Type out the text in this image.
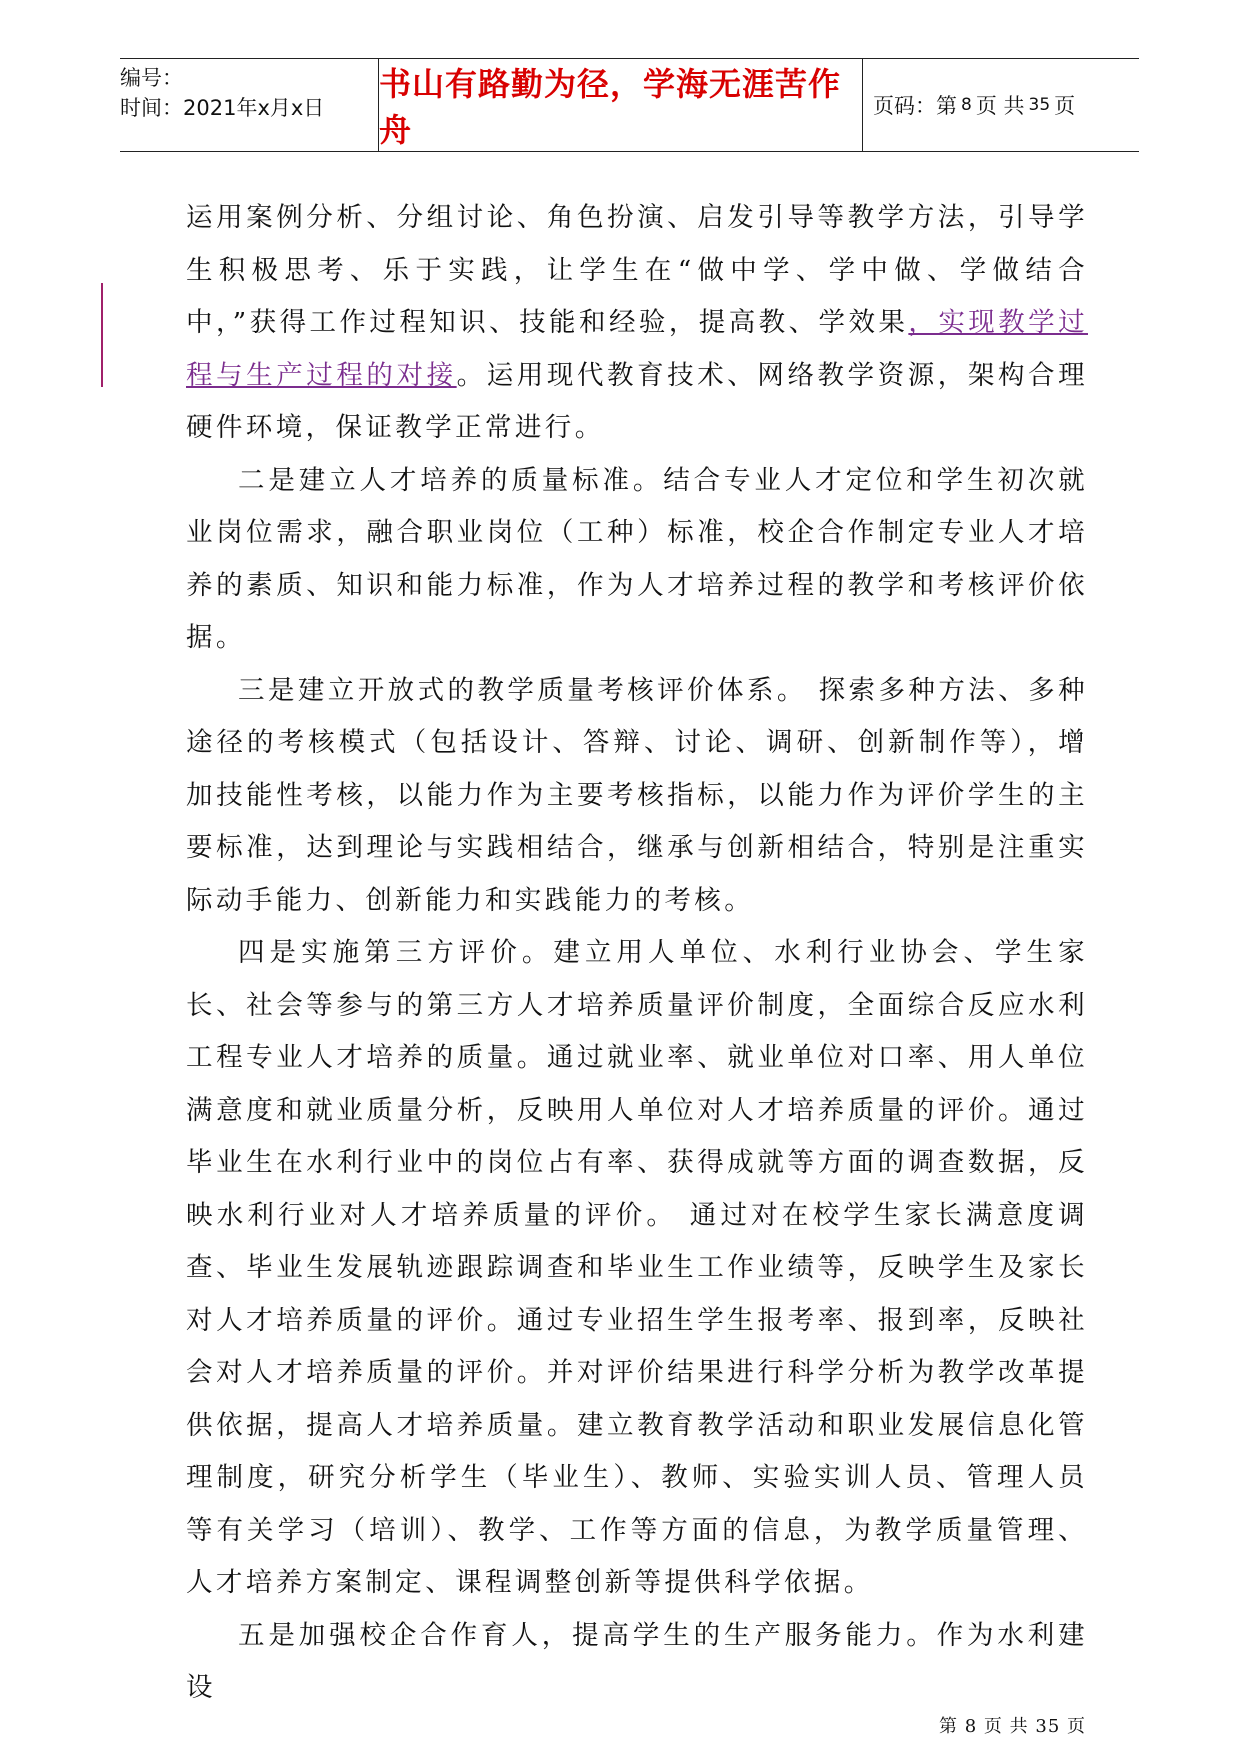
编号：
时间：2021年x月x日
书山有路勤为径，学海无涯苦作舟
页码：第 8 页 共 35 页

运用案例分析、分组讨论、角色扮演、启发引导等教学方法，引导学生积极思考、乐于实践，让学生在“做中学、学中做、学做结合中，”获得工作过程知识、技能和经验，提高教、学效果，实现教学过程与生产过程的对接。运用现代教育技术、网络教学资源，架构合理硬件环境，保证教学正常进行。

二是建立人才培养的质量标准。结合专业人才定位和学生初次就业岗位需求，融合职业岗位（工种）标准，校企合作制定专业人才培养的素质、知识和能力标准，作为人才培养过程的教学和考核评价依据。

三是建立开放式的教学质量考核评价体系。 探索多种方法、多种途径的考核模式（包括设计、答辩、讨论、调研、创新制作等），增加技能性考核，以能力作为主要考核指标，以能力作为评价学生的主要标准，达到理论与实践相结合，继承与创新相结合，特别是注重实际动手能力、创新能力和实践能力的考核。

四是实施第三方评价。建立用人单位、水利行业协会、学生家长、社会等参与的第三方人才培养质量评价制度，全面综合反应水利工程专业人才培养的质量。通过就业率、就业单位对口率、用人单位满意度和就业质量分析，反映用人单位对人才培养质量的评价。通过毕业生在水利行业中的岗位占有率、获得成就等方面的调查数据，反映水利行业对人才培养质量的评价。 通过对在校学生家长满意度调查、毕业生发展轨迹跟踪调查和毕业生工作业绩等，反映学生及家长对人才培养质量的评价。通过专业招生学生报考率、报到率，反映社会对人才培养质量的评价。并对评价结果进行科学分析为教学改革提供依据，提高人才培养质量。建立教育教学活动和职业发展信息化管理制度，研究分析学生（毕业生）、教师、实验实训人员、管理人员等有关学习（培训）、教学、工作等方面的信息，为教学质量管理、人才培养方案制定、课程调整创新等提供科学依据。

五是加强校企合作育人，提高学生的生产服务能力。作为水利建设

第 8 页 共 35 页
